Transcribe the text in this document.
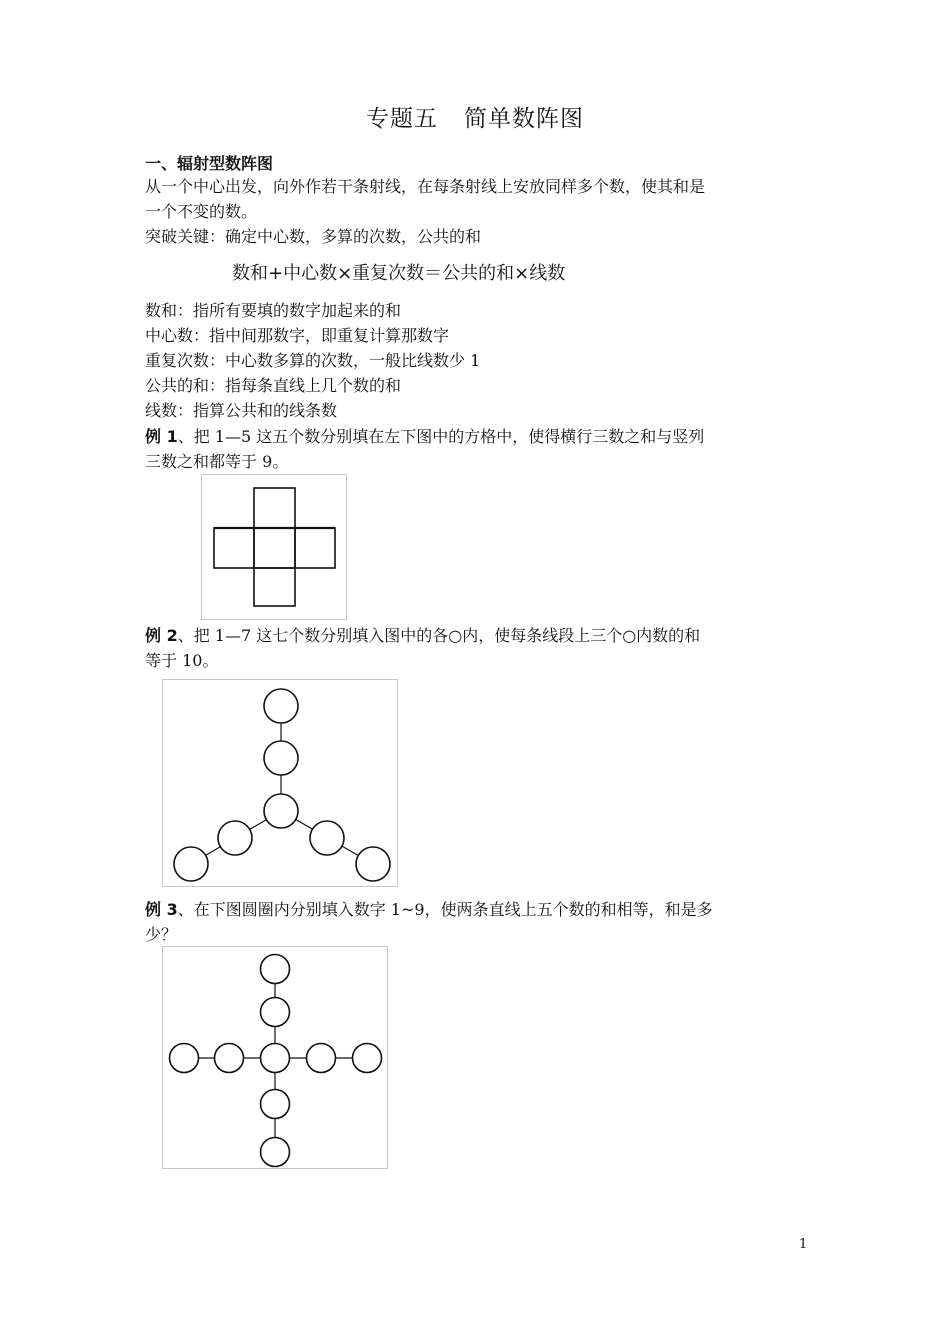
专题五 简单数阵图
一、辐射型数阵图
从一个中心出发，向外作若干条射线，在每条射线上安放同样多个数，使其和是
一个不变的数。
突破关键：确定中心数，多算的次数，公共的和
数和+中心数×重复次数＝公共的和×线数
数和：指所有要填的数字加起来的和
中心数：指中间那数字，即重复计算那数字
重复次数：中心数多算的次数，一般比线数少 1
公共的和：指每条直线上几个数的和
线数：指算公共和的线条数
例 1、把 1—5 这五个数分别填在左下图中的方格中，使得横行三数之和与竖列
三数之和都等于 9。
例 2、把 1—7 这七个数分别填入图中的各○内，使每条线段上三个○内数的和
等于 10。
例 3、在下图圆圈内分别填入数字 1~9，使两条直线上五个数的和相等，和是多
少？
1
